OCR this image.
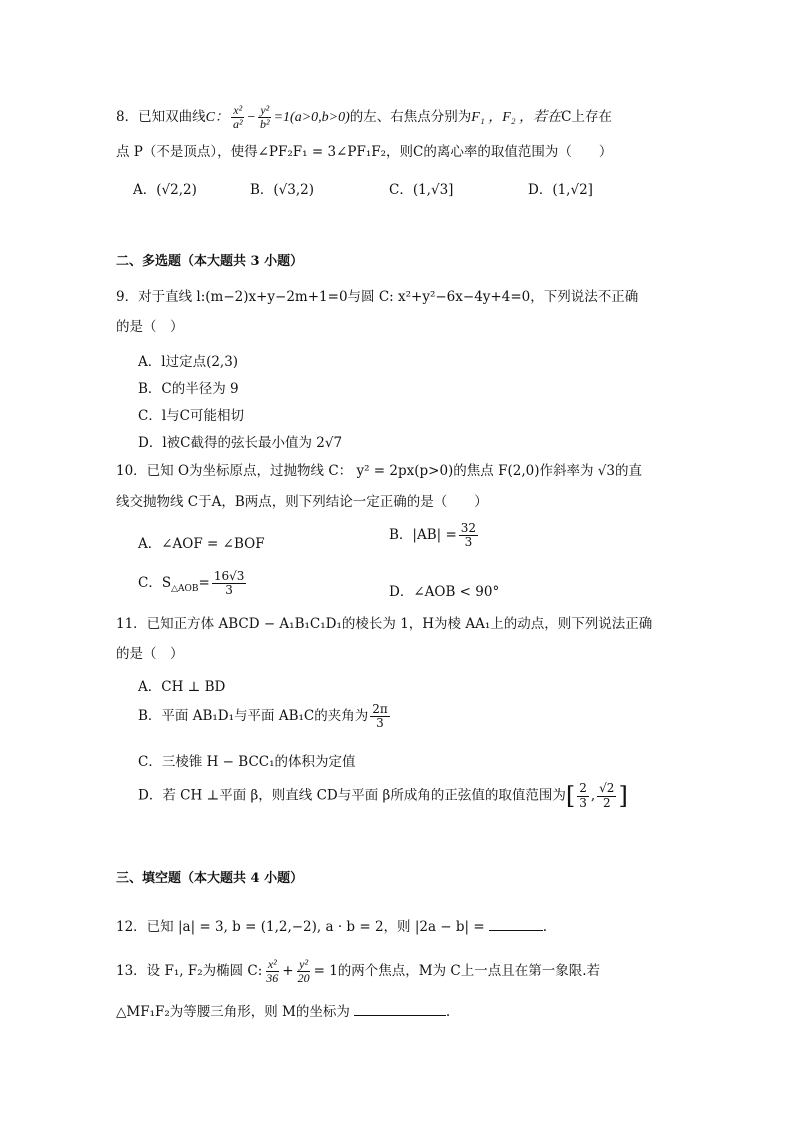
8．已知双曲线C： $\frac{\text{x²}}{\text{a²}} - \frac{\text{y²}}{\text{b²}} =1(a>0,b>0)$的左、右焦点分别为F₁ ，F₂ ，若在C上存在
点 P（不是顶点），使得∠PF₂F₁ = 3∠PF₁F₂，则C的离心率的取值范围为（　　）
A．(√2,2)	B．(√3,2)	C．(1,√3]	D．(1,√2]
二、多选题（本大题共 3 小题）
9．对于直线 l:(m−2)x+y−2m+1=0与圆 C: x²+y²−6x−4y+4=0，下列说法不正确
的是（　）
A．l过定点(2,3)
B．C的半径为 9
C．l与C可能相切
D．l被C截得的弦长最小值为 2√7
10．已知 O为坐标原点，过抛物线 C： y² = 2px(p>0)的焦点 F(2,0)作斜率为 √3的直
线交抛物线 C于A，B两点，则下列结论一定正确的是（　　）
A．∠AOF = ∠BOF
B．$|AB| = \frac{32}{3}$
C．$S_{\triangle AOB}= \frac{16√3}{3}$	D．∠AOB < 90°
11．已知正方体 ABCD − A₁B₁C₁D₁的棱长为 1，H为棱 AA₁上的动点，则下列说法正确
的是（　）
A．CH ⊥ BD
B．平面 AB₁D₁与平面 AB₁C的夹角为 $\frac{2\pi}{3}$
C．三棱锥 H − BCC₁的体积为定值
D．若 CH ⊥平面 β，则直线 CD与平面 β所成角的正弦值的取值范围为[ $\frac{2}{3}$ , $\frac{√2}{2}$ ]
三、填空题（本大题共 4 小题）
12．已知 |a| = 3, b = (1,2,−2), a · b = 2，则 |2a − b| =	.
13．设 F₁, F₂为椭圆 C: $\frac{\text{x²}}{36} + \frac{\text{y²}}{20} = 1$的两个焦点，M为 C上一点且在第一象限.若
△MF₁F₂为等腰三角形，则 M的坐标为	.
